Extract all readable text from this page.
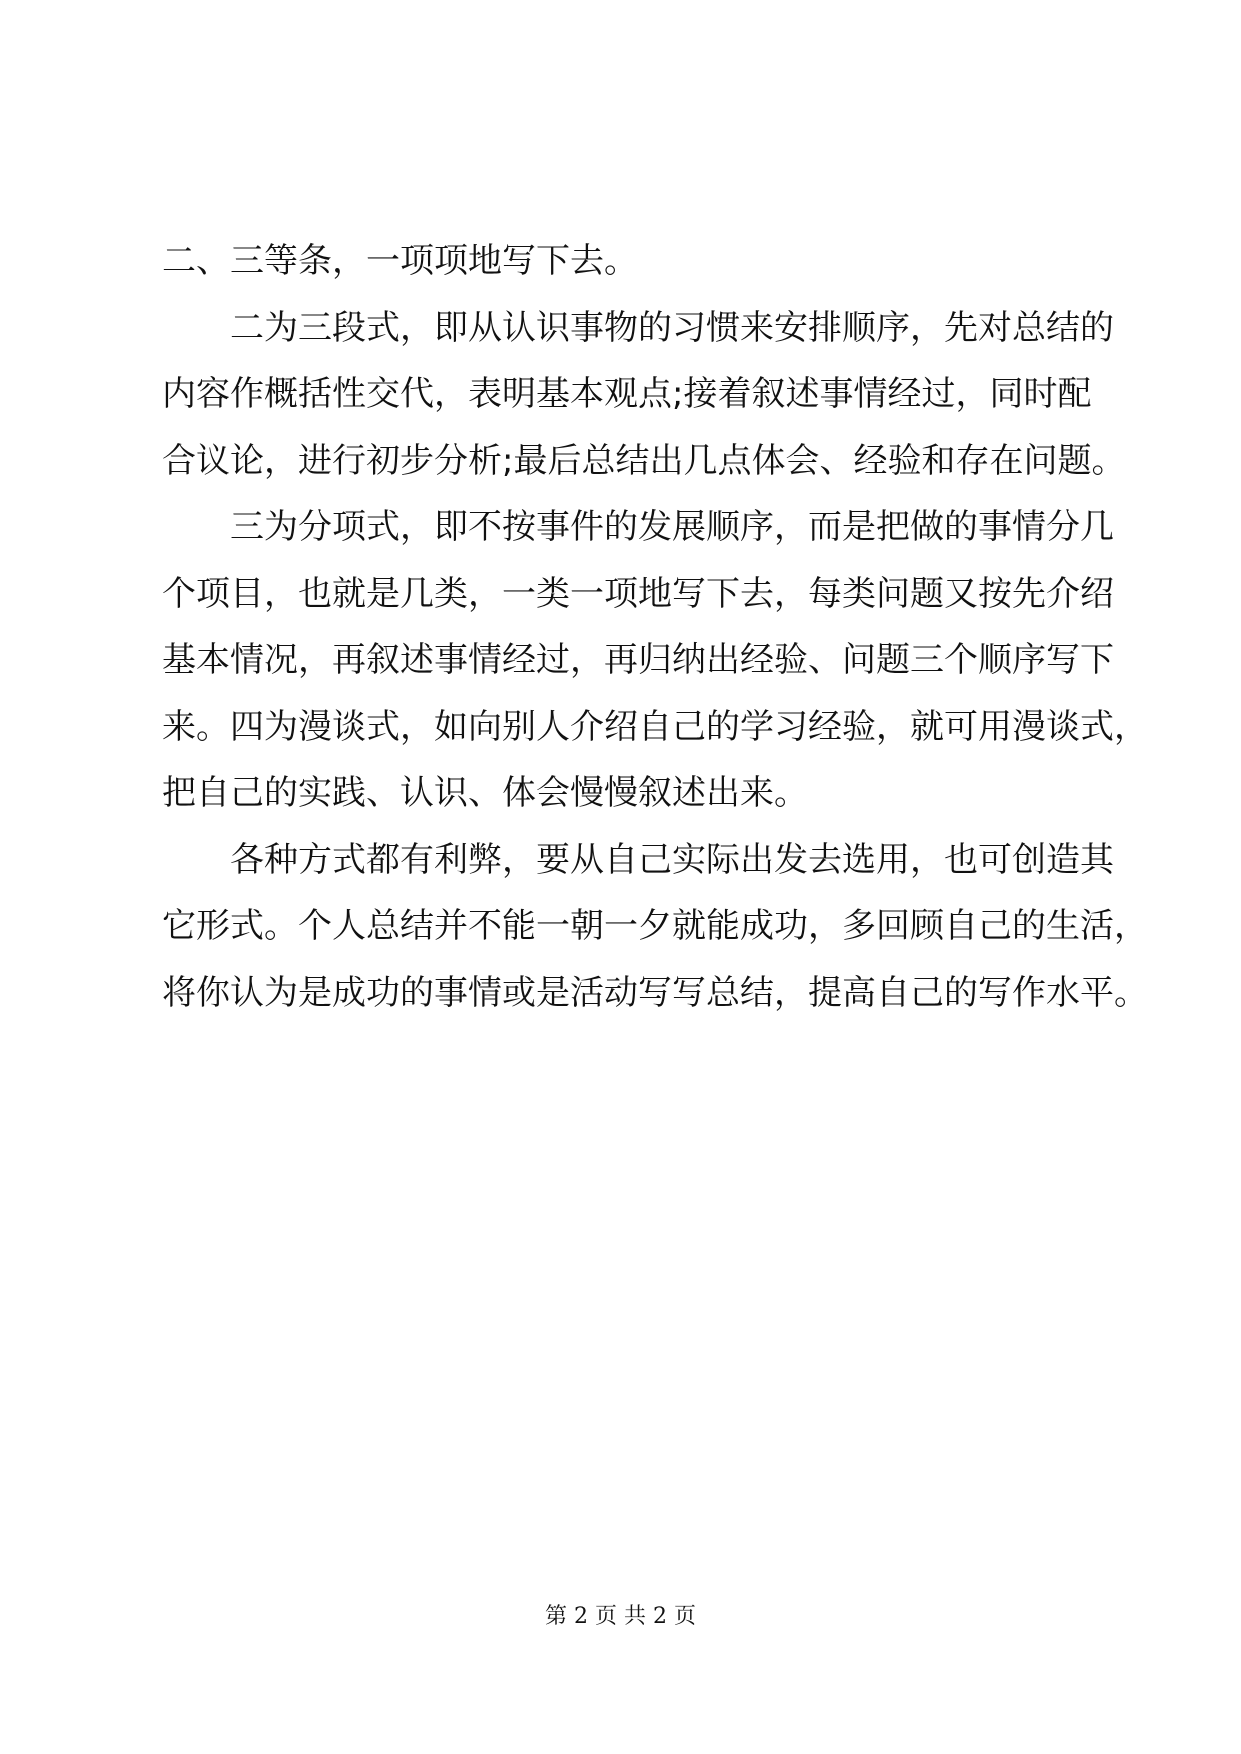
二、三等条，一项项地写下去。
二为三段式，即从认识事物的习惯来安排顺序，先对总结的
内容作概括性交代，表明基本观点;接着叙述事情经过，同时配
合议论，进行初步分析;最后总结出几点体会、经验和存在问题。
三为分项式，即不按事件的发展顺序，而是把做的事情分几
个项目，也就是几类，一类一项地写下去，每类问题又按先介绍
基本情况，再叙述事情经过，再归纳出经验、问题三个顺序写下
来。四为漫谈式，如向别人介绍自己的学习经验，就可用漫谈式，
把自己的实践、认识、体会慢慢叙述出来。
各种方式都有利弊，要从自己实际出发去选用，也可创造其
它形式。个人总结并不能一朝一夕就能成功，多回顾自己的生活，
将你认为是成功的事情或是活动写写总结，提高自己的写作水平。
第 2 页 共 2 页
